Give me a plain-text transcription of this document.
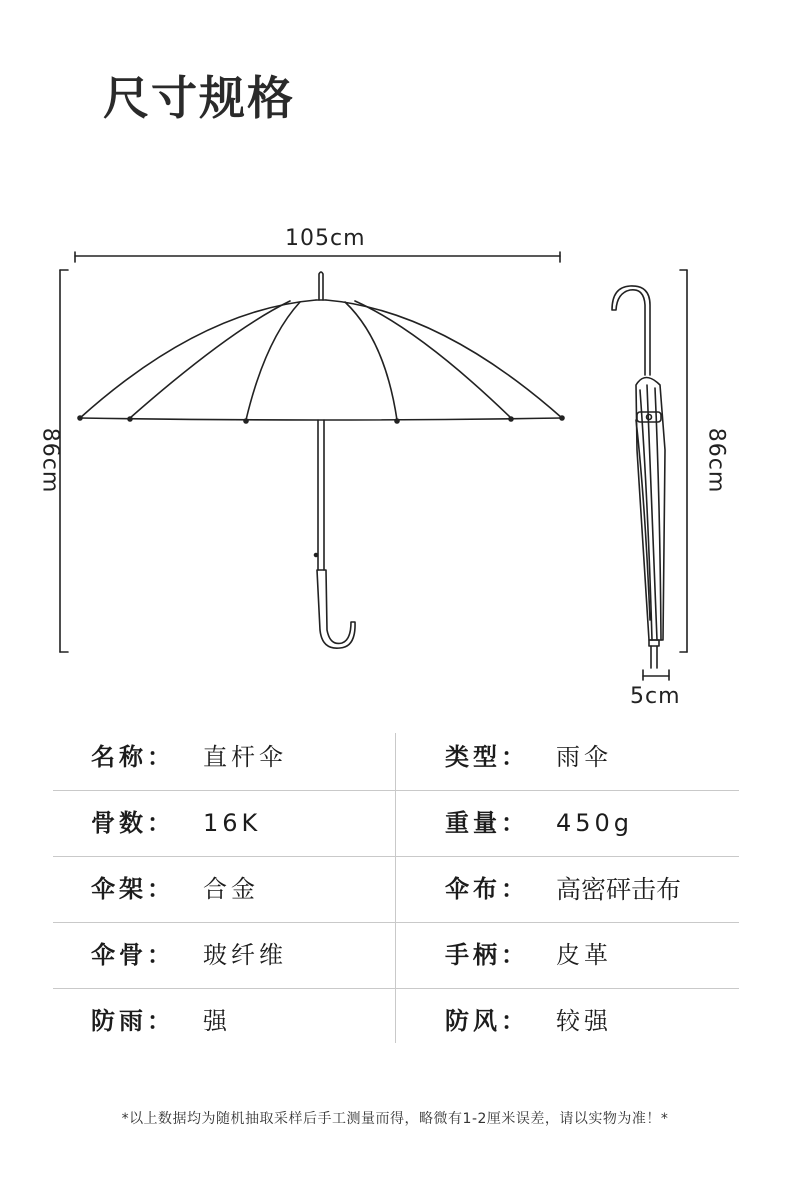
尺寸规格
105cm
86cm	86cm
5cm
名称： 直杆伞	类型： 雨伞
骨数： 16K	重量： 450g
伞架： 合金	伞布： 高密砰击布
伞骨： 玻纤维	手柄： 皮革
防雨： 强	防风： 较强
*以上数据均为随机抽取采样后手工测量而得，略微有1-2厘米误差，请以实物为准！*
